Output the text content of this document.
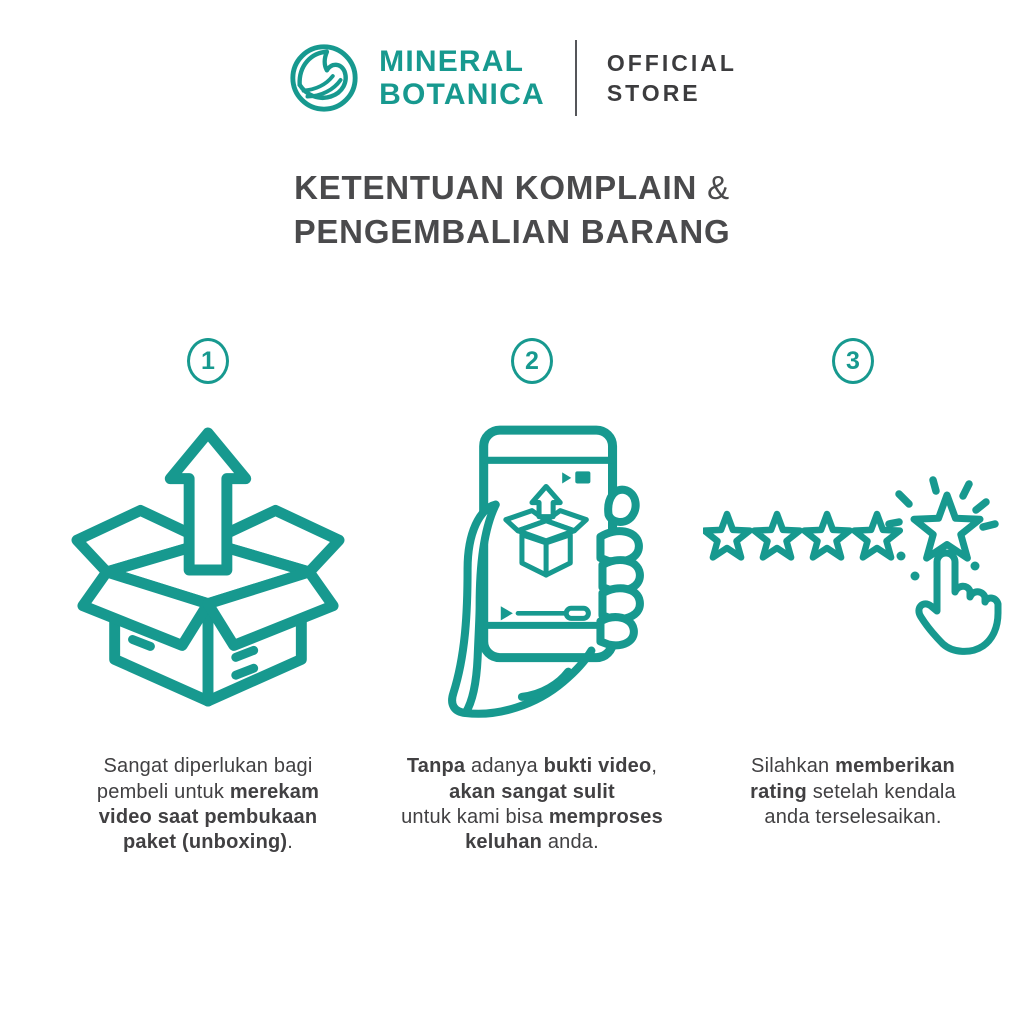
MINERAL
BOTANICA
OFFICIAL
STORE
KETENTUAN KOMPLAIN &
PENGEMBALIAN BARANG
1
Sangat diperlukan bagi
pembeli untuk merekam
video saat pembukaan
paket (unboxing).
2
Tanpa adanya bukti video,
akan sangat sulit
untuk kami bisa memproses
keluhan anda.
3
Silahkan memberikan
rating setelah kendala
anda terselesaikan.
